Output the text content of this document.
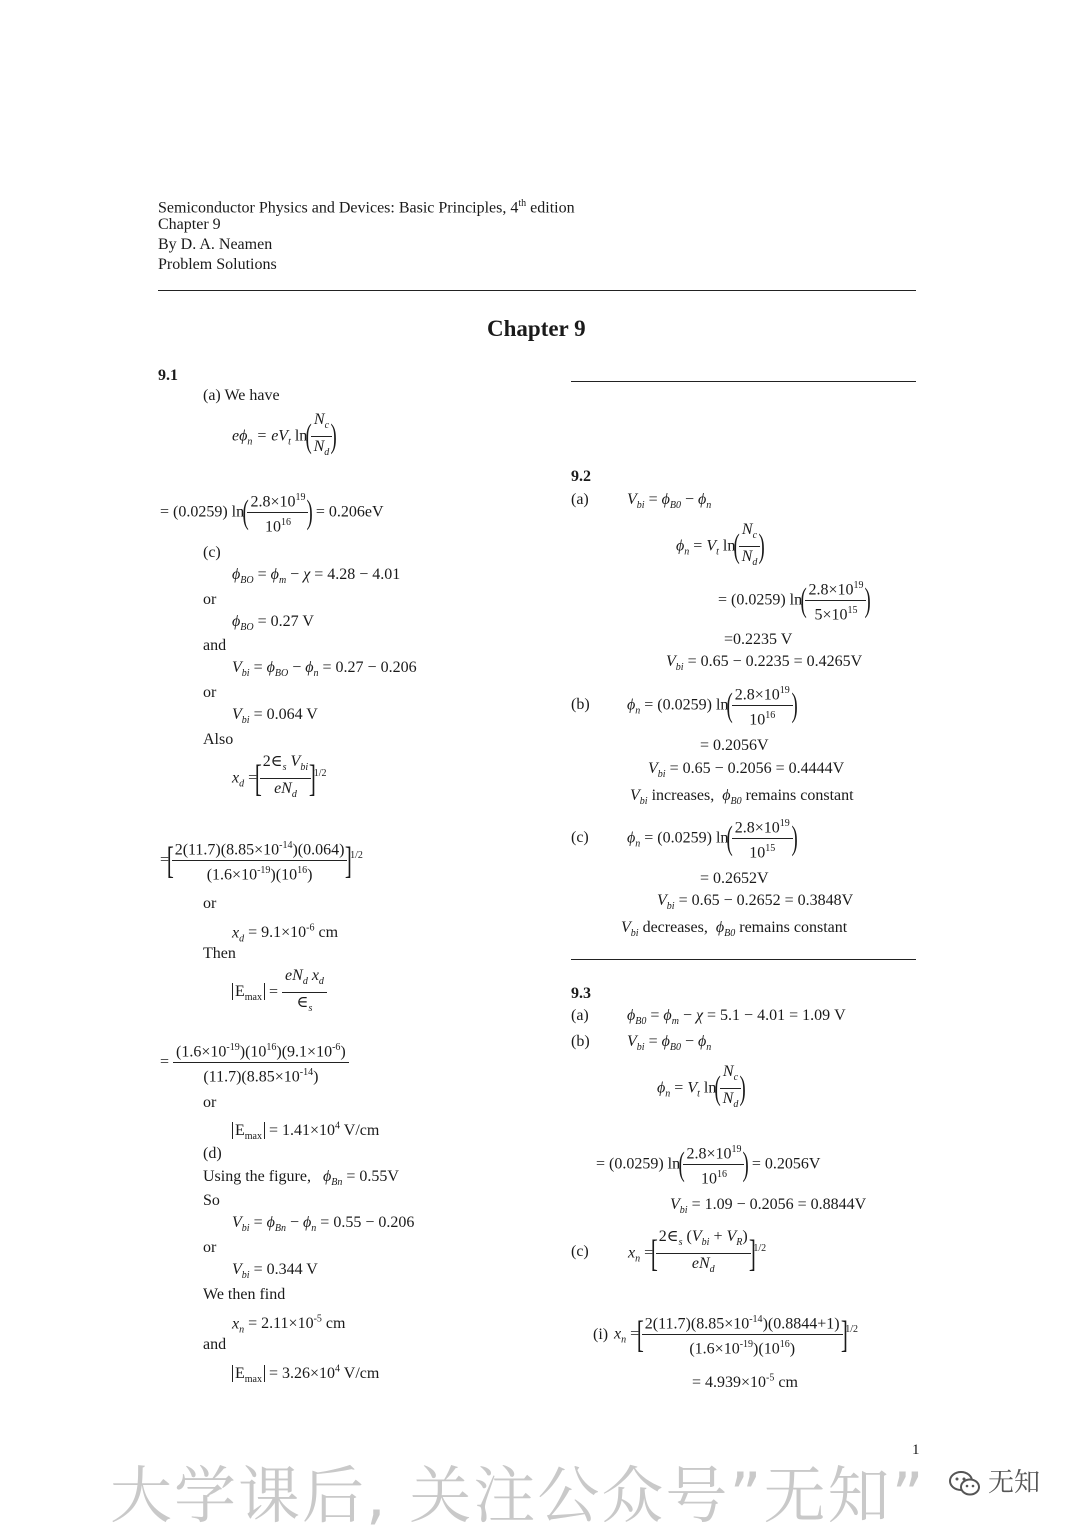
Semiconductor Physics and Devices: Basic Principles, 4th edition
Chapter 9
By D. A. Neamen
Problem Solutions
Chapter 9
9.1
(a) We have
$e\phi_n = eV_t$ ln(
$\frac{N_c}{N_d}$
)
= (0.0259) ln(
$\frac{2.8\times 10^{19}}{10^{16}}$
) = 0.206eV
(c)
$\phi_{BO} = \phi_m - \chi = 4.28 - 4.01$
or
$\phi_{BO} = 0.27$ V
and
$V_{bi} = \phi_{BO} - \phi_n = 0.27 - 0.206$
or
$V_{bi} = 0.064$ V
Also
$x_d$ =[
$\frac{2\in_s V_{bi}}{eN_d}$
]$^{1/2}$
=[
$\frac{2(11.7)(8.85\times 10^{-14})(0.064)}{(1.6\times 10^{-19})(10^{16})}$
]$^{1/2}$
or
$x_d = 9.1\times 10^{-6}$ cm
Then
$E_{max} = \frac{eN_d x_d}{\in_s}$
= $\frac{(1.6\times 10^{-19})(10^{16})(9.1\times 10^{-6})}{(11.7)(8.85\times 10^{-14})}$
or
$E_{max} = 1.41\times 10^4$ V/cm
(d)
Using the figure, $\phi_{Bn} = 0.55V$
So
$V_{bi} = \phi_{Bn} - \phi_n = 0.55 - 0.206$
or
$V_{bi} = 0.344$ V
We then find
$x_n = 2.11\times 10^{-5}$ cm
and
$E_{max} = 3.26\times 10^4$ V/cm
9.2
(a) $V_{bi} = \phi_{B0} - \phi_n$
$\phi_n = V_t$ ln(
$\frac{N_c}{N_d}$
)
= (0.0259) ln(
$\frac{2.8\times 10^{19}}{5\times 10^{15}}$
)
=0.2235 V
$V_{bi} = 0.65 - 0.2235 = 0.4265V$
(b) $\phi_n = (0.0259)$ ln(
$\frac{2.8\times 10^{19}}{10^{16}}$
)
= 0.2056V
$V_{bi} = 0.65 - 0.2056 = 0.4444V$
$V_{bi}$ increases,  $\phi_{B0}$ remains constant
(c) $\phi_n = (0.0259)$ ln(
$\frac{2.8\times 10^{19}}{10^{15}}$
)
= 0.2652V
$V_{bi} = 0.65 - 0.2652 = 0.3848V$
$V_{bi}$ decreases,  $\phi_{B0}$ remains constant
9.3
(a) $\phi_{B0} = \phi_m - \chi = 5.1 - 4.01 = 1.09$ V
(b) $V_{bi} = \phi_{B0} - \phi_n$
$\phi_n = V_t$ ln(
$\frac{N_c}{N_d}$
)
= (0.0259) ln(
$\frac{2.8\times 10^{19}}{10^{16}}$
) = 0.2056V
$V_{bi} = 1.09 - 0.2056 = 0.8844V$
(c) $x_n$ =[
$\frac{2\in_s (V_{bi} + V_R)}{eN_d}$
]$^{1/2}$
(i) $x_n$ =[
$\frac{2(11.7)(8.85\times 10^{-14})(0.8844+1)}{(1.6\times 10^{-19})(10^{16})}$
]$^{1/2}$
= $4.939\times 10^{-5}$ cm
1
大学课后, 关注公众号”无知”	无知
